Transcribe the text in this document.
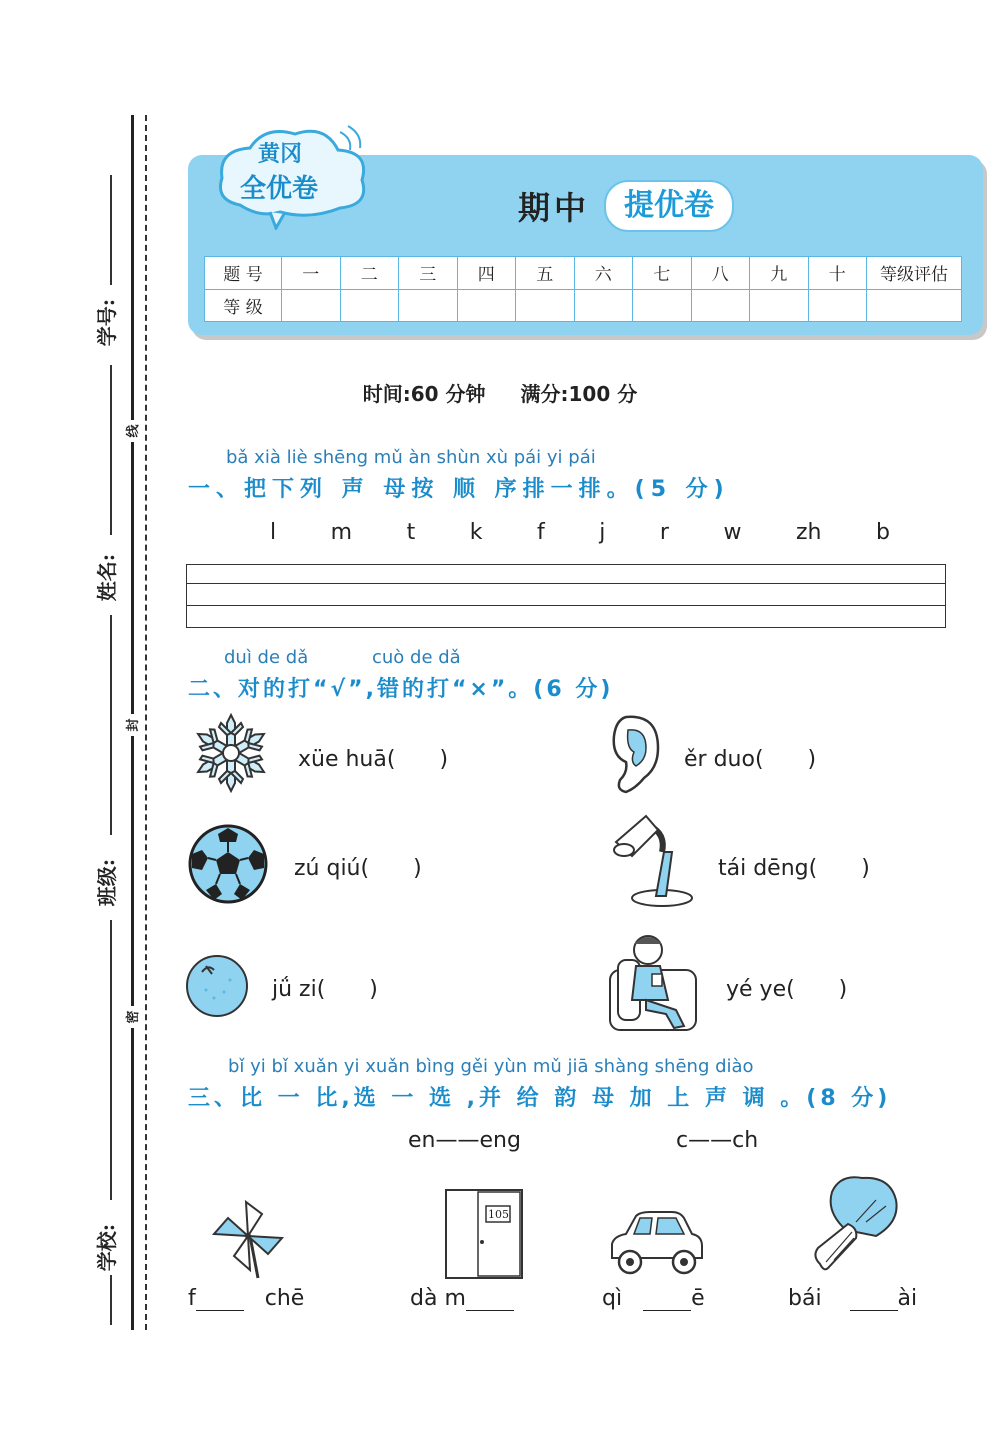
学号:
姓名:
班级:
学校:
线
封
密
黄冈
全优卷	期中	提优卷
题 号	一	二	三	四	五	六	七	八	九	十	等级评估
等 级											
时间:60 分钟 满分:100 分
bǎ xià liè shēng mǔ àn shùn xù pái yi pái
一、把下列 声 母按 顺 序排一排。(5 分)
l m t k f j r w zh b
duì de dǎ	cuò de dǎ
二、对的打“√”,错的打“×”。(6 分)
xüe huā(　　)	ěr duo(　　)
zú qiú(　　)	tái dēng(　　)
jǘ zi(　　)	yé ye(　　)
bǐ yi bǐ xuǎn yi xuǎn bìng gěi yùn mǔ jiā shàng shēng diào
三、比 一 比,选 一 选 ,并 给 韵 母 加 上 声 调 。(8 分)
en——eng	c——ch
105
f	chē	dà m	qì	ē	bái	ài
